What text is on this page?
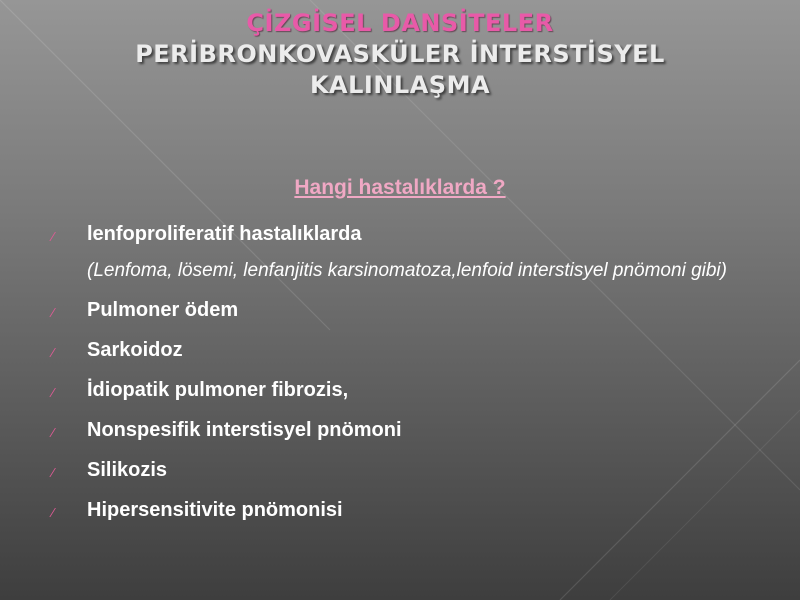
ÇİZGİSEL DANSİTELER
PERİBRONKOVASKÜLER İNTERSTİSYEL
KALINLAŞMA
Hangi hastalıklarda ?
⁄ lenfoproliferatif hastalıklarda
(Lenfoma, lösemi, lenfanjitis karsinomatoza,lenfoid interstisyel pnömoni gibi)
⁄ Pulmoner ödem
⁄ Sarkoidoz
⁄ İdiopatik pulmoner fibrozis,
⁄ Nonspesifik interstisyel pnömoni
⁄ Silikozis
⁄ Hipersensitivite pnömonisi
